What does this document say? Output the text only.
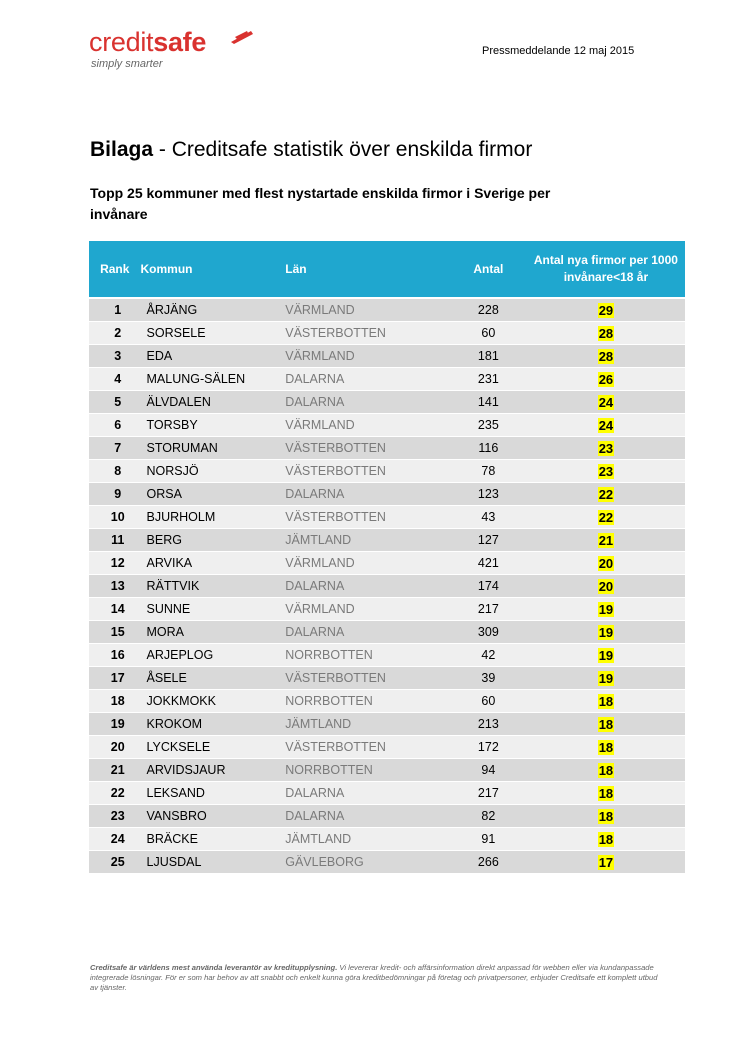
creditsafe
simply smarter
Pressmeddelande 12 maj 2015
Bilaga - Creditsafe statistik över enskilda firmor
Topp 25 kommuner med flest nystartade enskilda firmor i Sverige per invånare
Rank	Kommun	Län	Antal	Antal nya firmor per 1000 invånare<18 år
1	ÅRJÄNG	VÄRMLAND	228	29
2	SORSELE	VÄSTERBOTTEN	60	28
3	EDA	VÄRMLAND	181	28
4	MALUNG-SÄLEN	DALARNA	231	26
5	ÄLVDALEN	DALARNA	141	24
6	TORSBY	VÄRMLAND	235	24
7	STORUMAN	VÄSTERBOTTEN	116	23
8	NORSJÖ	VÄSTERBOTTEN	78	23
9	ORSA	DALARNA	123	22
10	BJURHOLM	VÄSTERBOTTEN	43	22
11	BERG	JÄMTLAND	127	21
12	ARVIKA	VÄRMLAND	421	20
13	RÄTTVIK	DALARNA	174	20
14	SUNNE	VÄRMLAND	217	19
15	MORA	DALARNA	309	19
16	ARJEPLOG	NORRBOTTEN	42	19
17	ÅSELE	VÄSTERBOTTEN	39	19
18	JOKKMOKK	NORRBOTTEN	60	18
19	KROKOM	JÄMTLAND	213	18
20	LYCKSELE	VÄSTERBOTTEN	172	18
21	ARVIDSJAUR	NORRBOTTEN	94	18
22	LEKSAND	DALARNA	217	18
23	VANSBRO	DALARNA	82	18
24	BRÄCKE	JÄMTLAND	91	18
25	LJUSDAL	GÄVLEBORG	266	17
Creditsafe är världens mest använda leverantör av kreditupplysning. Vi levererar kredit- och affärsinformation direkt anpassad för webben eller via kundanpassade integrerade lösningar. För er som har behov av att snabbt och enkelt kunna göra kreditbedömningar på företag och privatpersoner, erbjuder Creditsafe ett komplett utbud av tjänster.
